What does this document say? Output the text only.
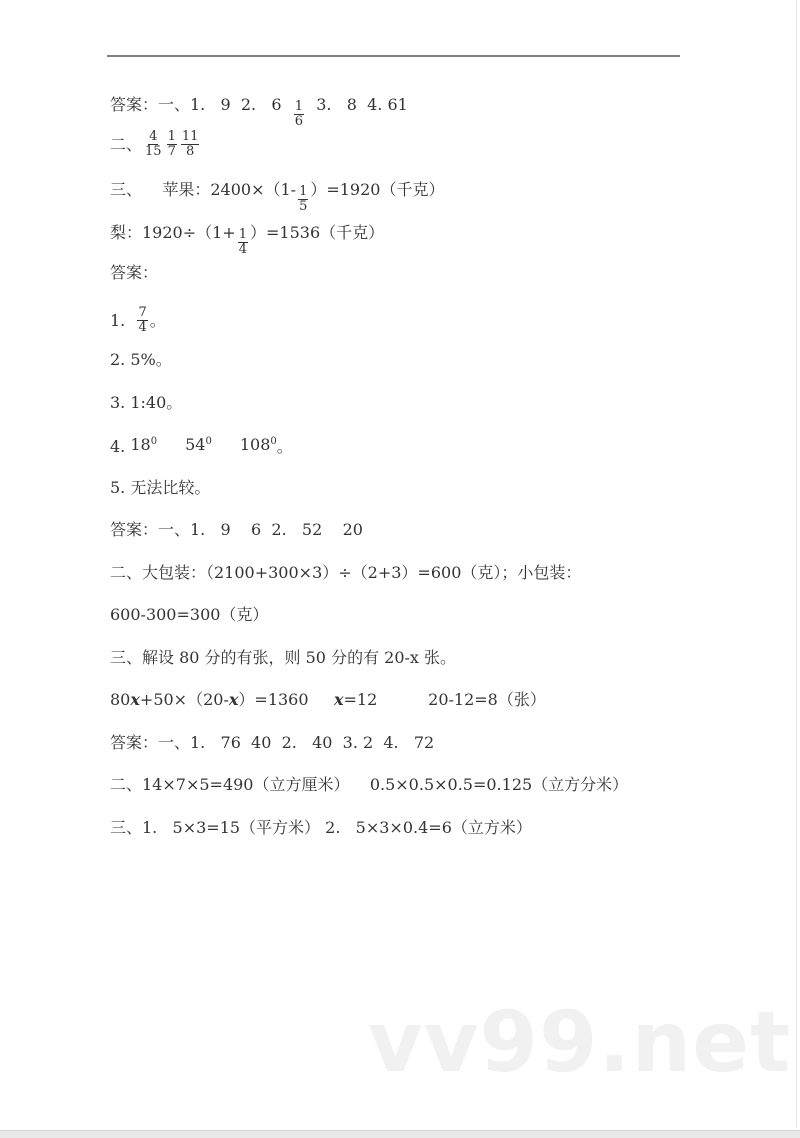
答案：一、1.   9  2.   $6 \frac{1}{6} 3$.   8  4. 61
二、 $\frac{4}{15} \frac{1}{7} \frac{11}{8}$
三、    苹果：$2400\times(1- \frac{1}{5} )=1920$（千克）
梨：$1920\div(1+ \frac{1}{4} )=1536$（千克）
答案：
1. $\frac{7}{4}$ 。
2. 5%。
3. 1:40。
4. $18^0$ $54^0$ $108^0$ 。
5. 无法比较。
答案：一、1.   9    6  2.   52    20
二、大包装：（2100+300×3）÷（2+3）=600（克）；小包装：
600-300=300（克）
三、解设 80 分的有张，则 50 分的有 20-x 张。
80 x +50×（20- x ）=1360 x =12          20-12=8（张）
答案：一、1.   76  40  2.   40  3. 2  4.   72
二、14×7×5=490（立方厘米）    0.5×0.5×0.5=0.125（立方分米）
三、1.   5×3=15（平方米） 2.   5×3×0.4=6（立方米）
vv99.net
